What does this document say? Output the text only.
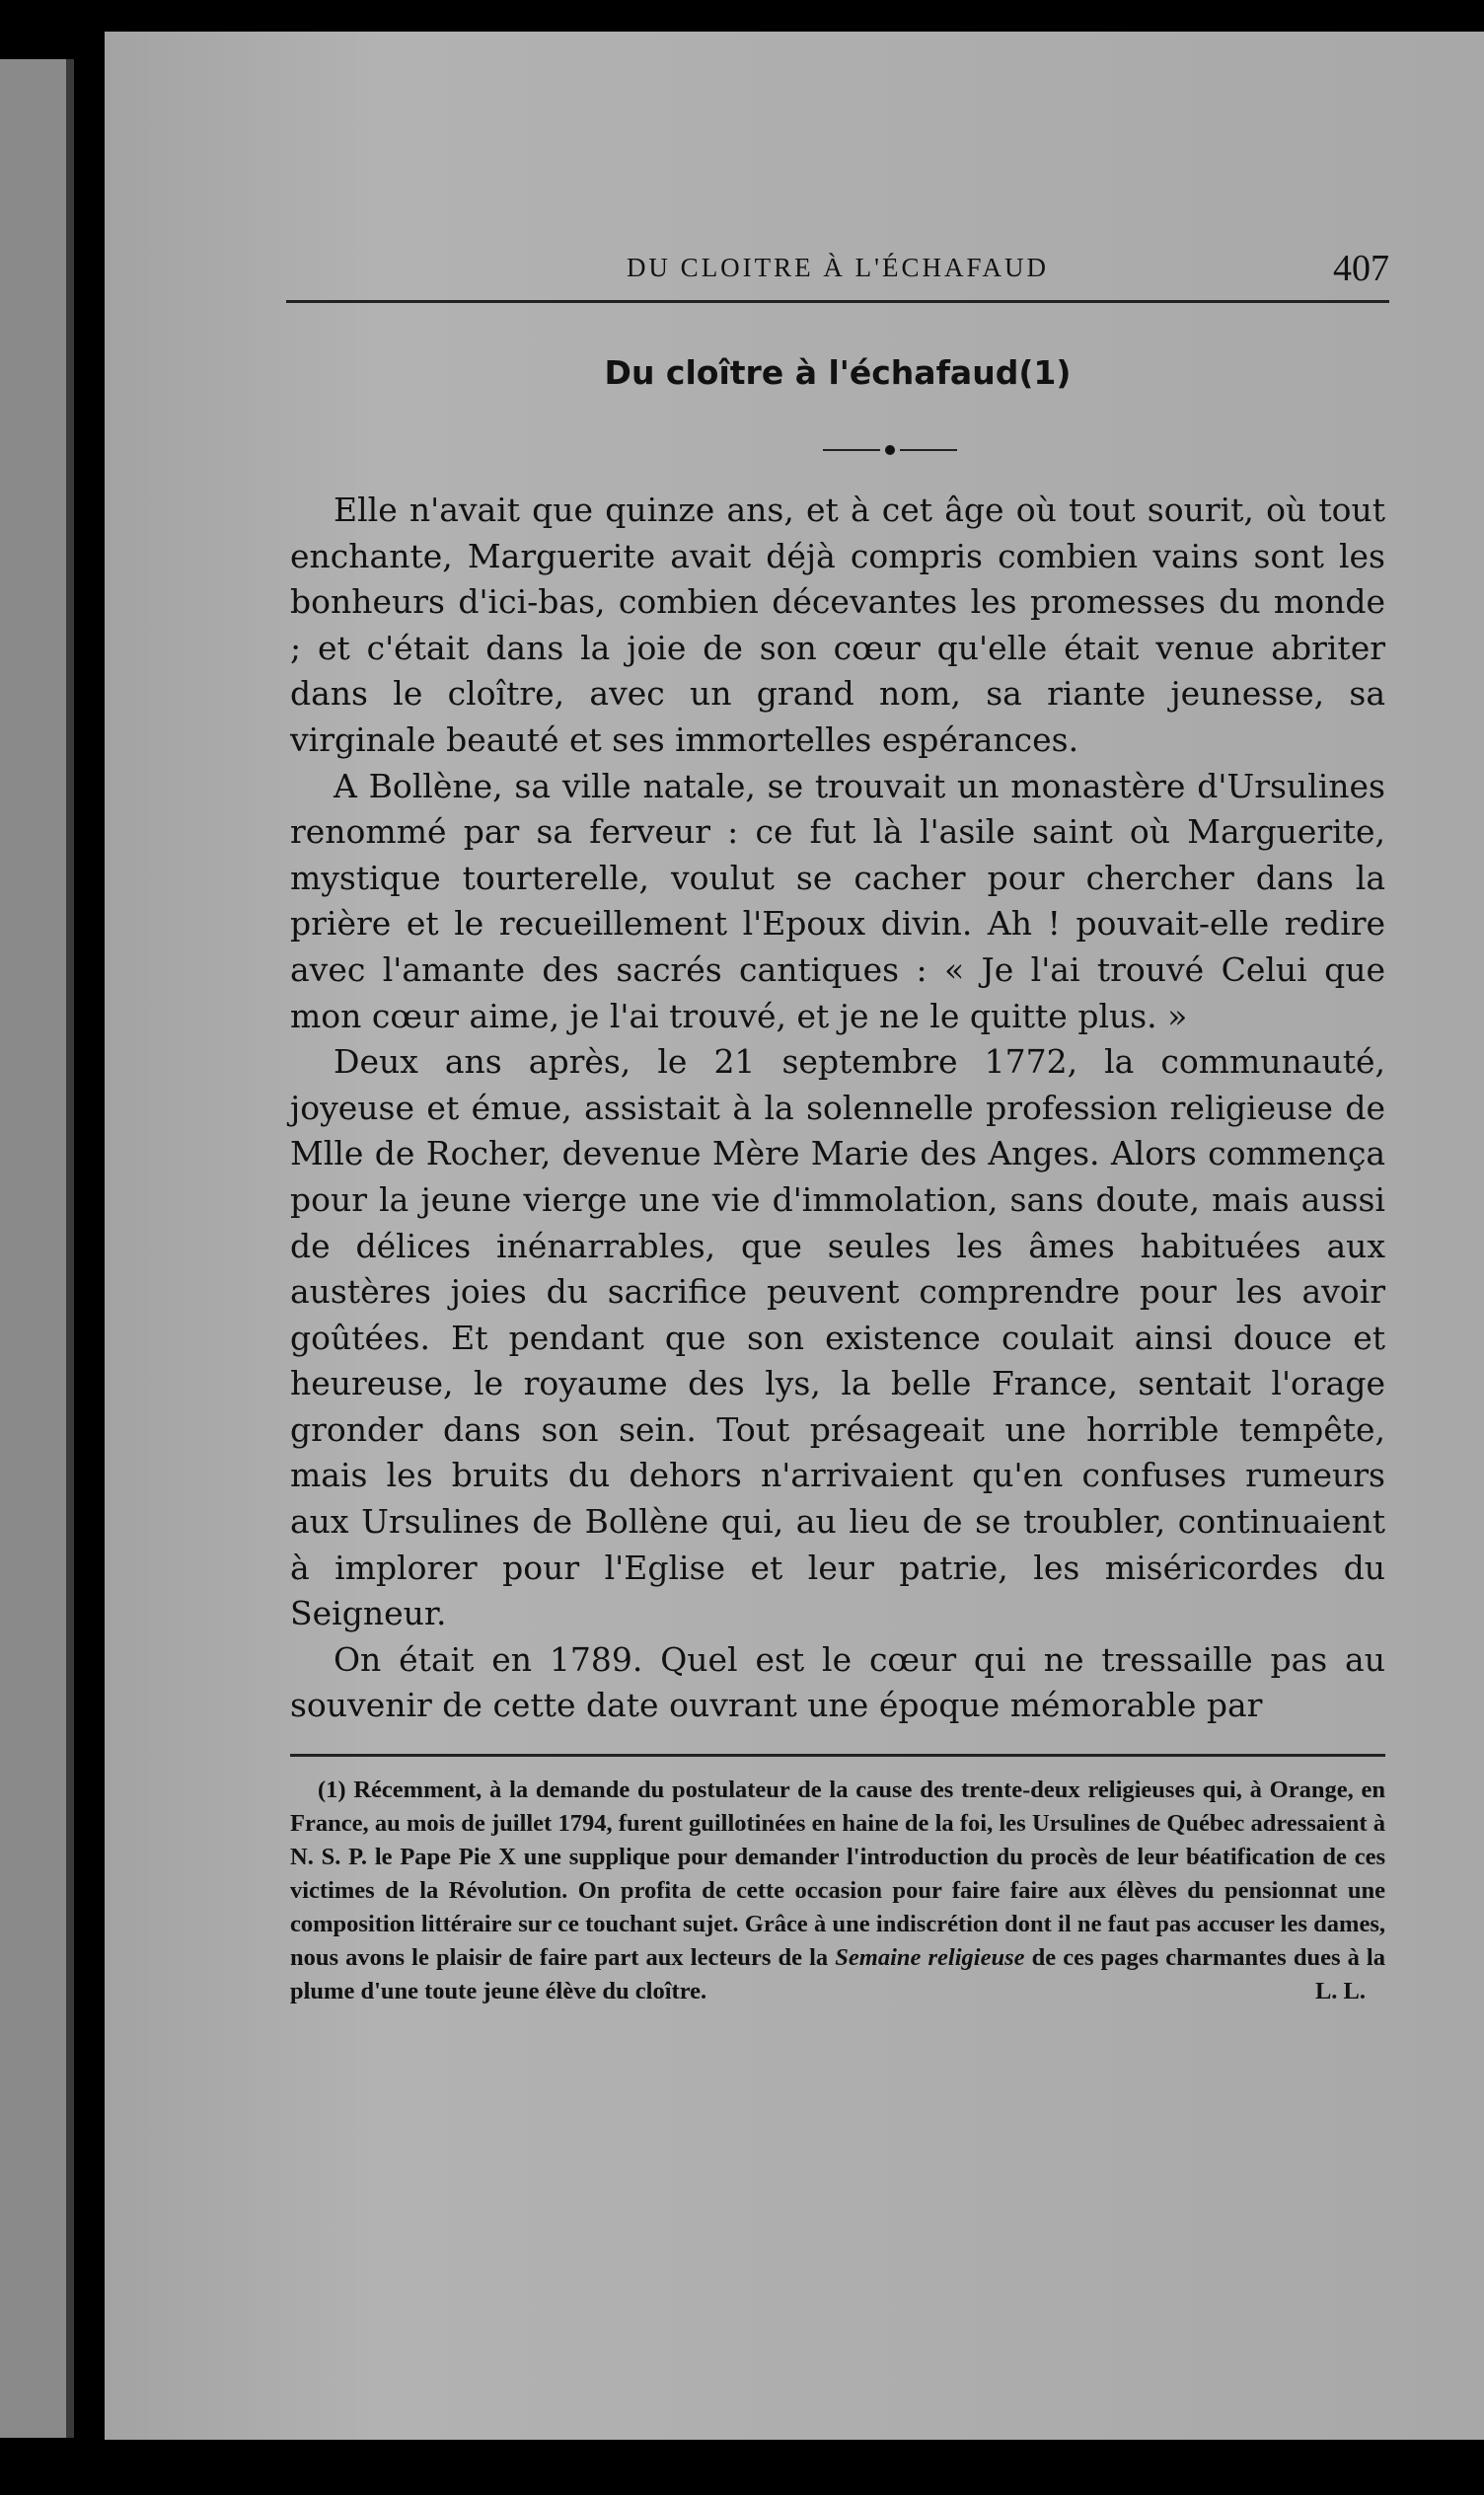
DU CLOITRE À L'ÉCHAFAUD	407
Du cloître à l'échafaud(1)

Elle n'avait que quinze ans, et à cet âge où tout sourit, où tout enchante, Marguerite avait déjà compris combien vains sont les bonheurs d'ici-bas, combien décevantes les promesses du monde ; et c'était dans la joie de son cœur qu'elle était venue abriter dans le cloître, avec un grand nom, sa riante jeunesse, sa virginale beauté et ses immortelles espérances.

A Bollène, sa ville natale, se trouvait un monastère d'Ursulines renommé par sa ferveur : ce fut là l'asile saint où Marguerite, mystique tourterelle, voulut se cacher pour chercher dans la prière et le recueillement l'Epoux divin. Ah ! pouvait-elle redire avec l'amante des sacrés cantiques : « Je l'ai trouvé Celui que mon cœur aime, je l'ai trouvé, et je ne le quitte plus. »

Deux ans après, le 21 septembre 1772, la communauté, joyeuse et émue, assistait à la solennelle profession religieuse de Mlle de Rocher, devenue Mère Marie des Anges. Alors commença pour la jeune vierge une vie d'immolation, sans doute, mais aussi de délices inénarrables, que seules les âmes habituées aux austères joies du sacrifice peuvent comprendre pour les avoir goûtées. Et pendant que son existence coulait ainsi douce et heureuse, le royaume des lys, la belle France, sentait l'orage gronder dans son sein. Tout présageait une horrible tempête, mais les bruits du dehors n'arrivaient qu'en confuses rumeurs aux Ursulines de Bollène qui, au lieu de se troubler, continuaient à implorer pour l'Eglise et leur patrie, les miséricordes du Seigneur.

On était en 1789. Quel est le cœur qui ne tressaille pas au souvenir de cette date ouvrant une époque mémorable par

(1) Récemment, à la demande du postulateur de la cause des trente-deux religieuses qui, à Orange, en France, au mois de juillet 1794, furent guillotinées en haine de la foi, les Ursulines de Québec adressaient à N. S. P. le Pape Pie X une supplique pour demander l'introduction du procès de leur béatification de ces victimes de la Révolution. On profita de cette occasion pour faire faire aux élèves du pensionnat une composition littéraire sur ce touchant sujet. Grâce à une indiscrétion dont il ne faut pas accuser les dames, nous avons le plaisir de faire part aux lecteurs de la Semaine religieuse de ces pages charmantes dues à la plume d'une toute jeune élève du cloître.	L. L.
